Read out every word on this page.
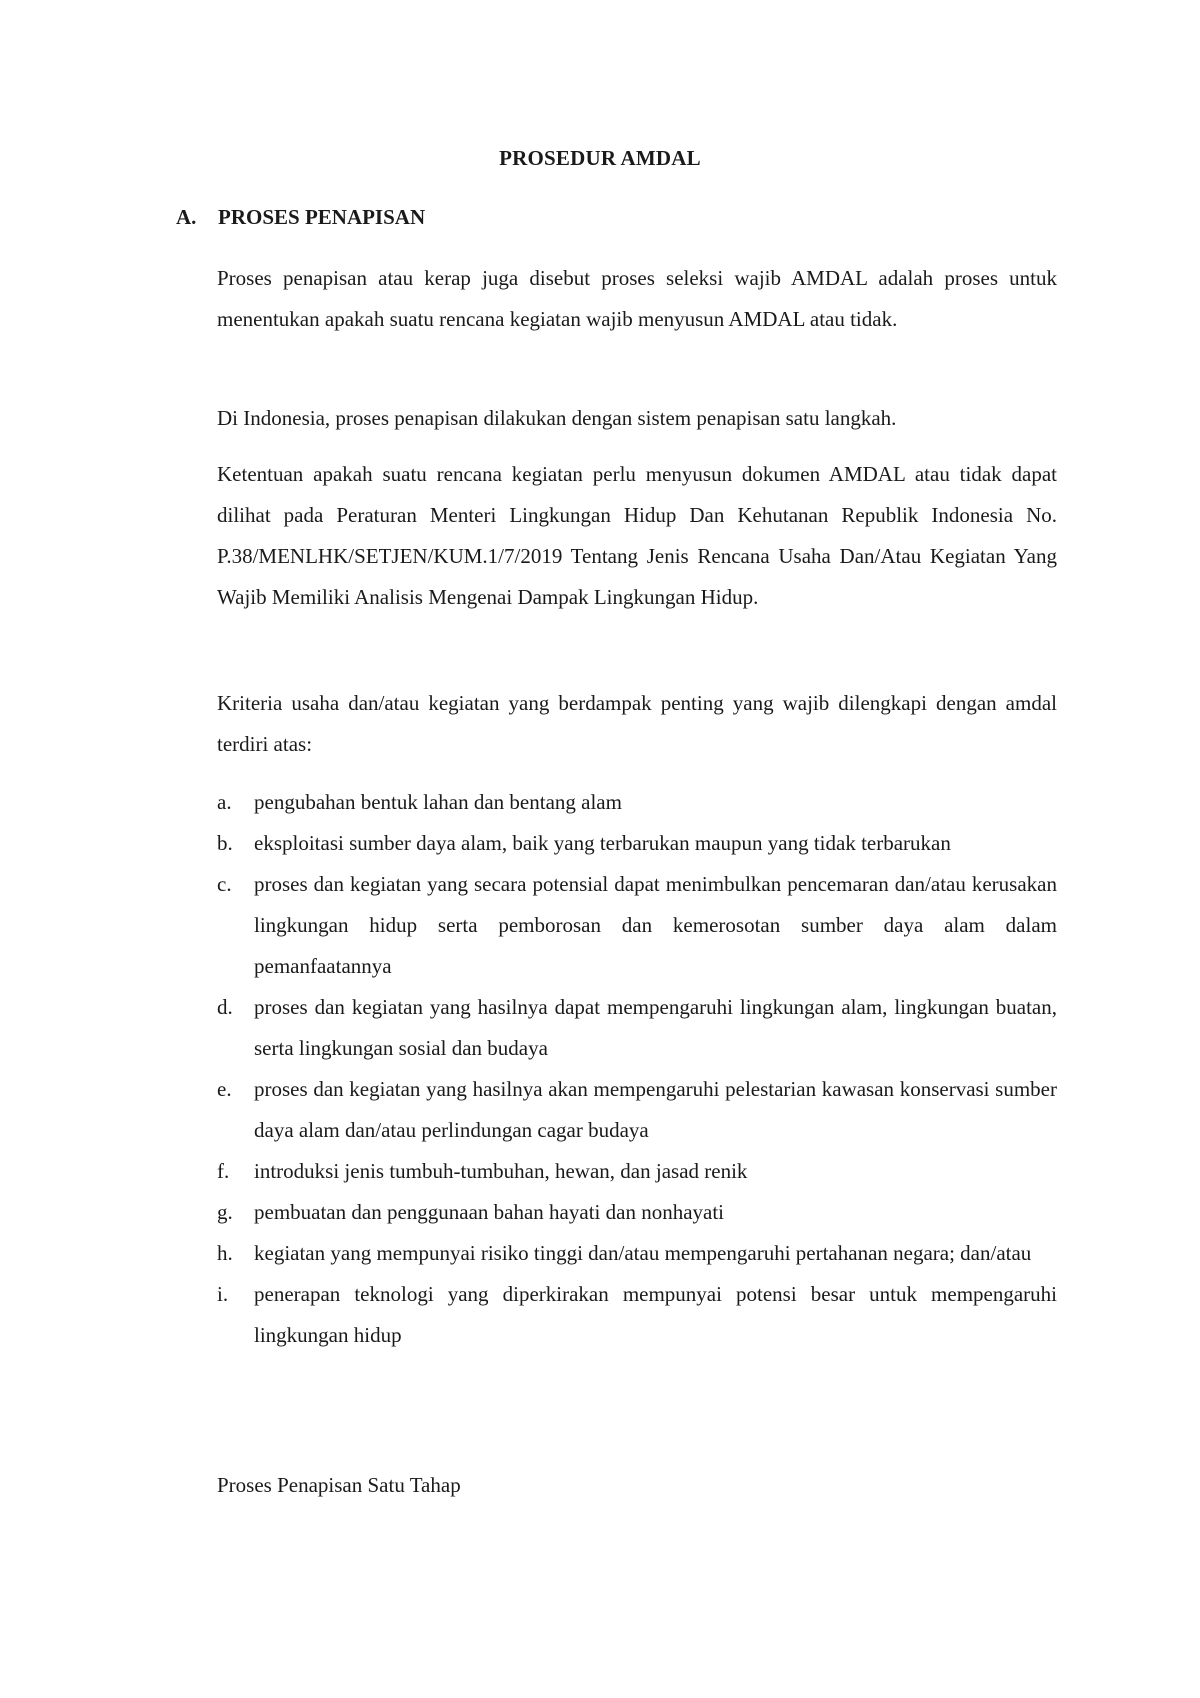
PROSEDUR AMDAL
A. PROSES PENAPISAN

Proses penapisan atau kerap juga disebut proses seleksi wajib AMDAL adalah proses untuk menentukan apakah suatu rencana kegiatan wajib menyusun AMDAL atau tidak.

Di Indonesia, proses penapisan dilakukan dengan sistem penapisan satu langkah.

Ketentuan apakah suatu rencana kegiatan perlu menyusun dokumen AMDAL atau tidak dapat dilihat pada Peraturan Menteri Lingkungan Hidup Dan Kehutanan Republik Indonesia No. P.38/MENLHK/SETJEN/KUM.1/7/2019 Tentang Jenis Rencana Usaha Dan/Atau Kegiatan Yang Wajib Memiliki Analisis Mengenai Dampak Lingkungan Hidup.

Kriteria usaha dan/atau kegiatan yang berdampak penting yang wajib dilengkapi dengan amdal terdiri atas:

a.	pengubahan bentuk lahan dan bentang alam
b.	eksploitasi sumber daya alam, baik yang terbarukan maupun yang tidak terbarukan
c.	proses dan kegiatan yang secara potensial dapat menimbulkan pencemaran dan/atau kerusakan lingkungan hidup serta pemborosan dan kemerosotan sumber daya alam dalam pemanfaatannya
d.	proses dan kegiatan yang hasilnya dapat mempengaruhi lingkungan alam, lingkungan buatan, serta lingkungan sosial dan budaya
e.	proses dan kegiatan yang hasilnya akan mempengaruhi pelestarian kawasan konservasi sumber daya alam dan/atau perlindungan cagar budaya
f.	introduksi jenis tumbuh-tumbuhan, hewan, dan jasad renik
g.	pembuatan dan penggunaan bahan hayati dan nonhayati
h.	kegiatan yang mempunyai risiko tinggi dan/atau mempengaruhi pertahanan negara; dan/atau
i.	penerapan teknologi yang diperkirakan mempunyai potensi besar untuk mempengaruhi lingkungan hidup
Proses Penapisan Satu Tahap
